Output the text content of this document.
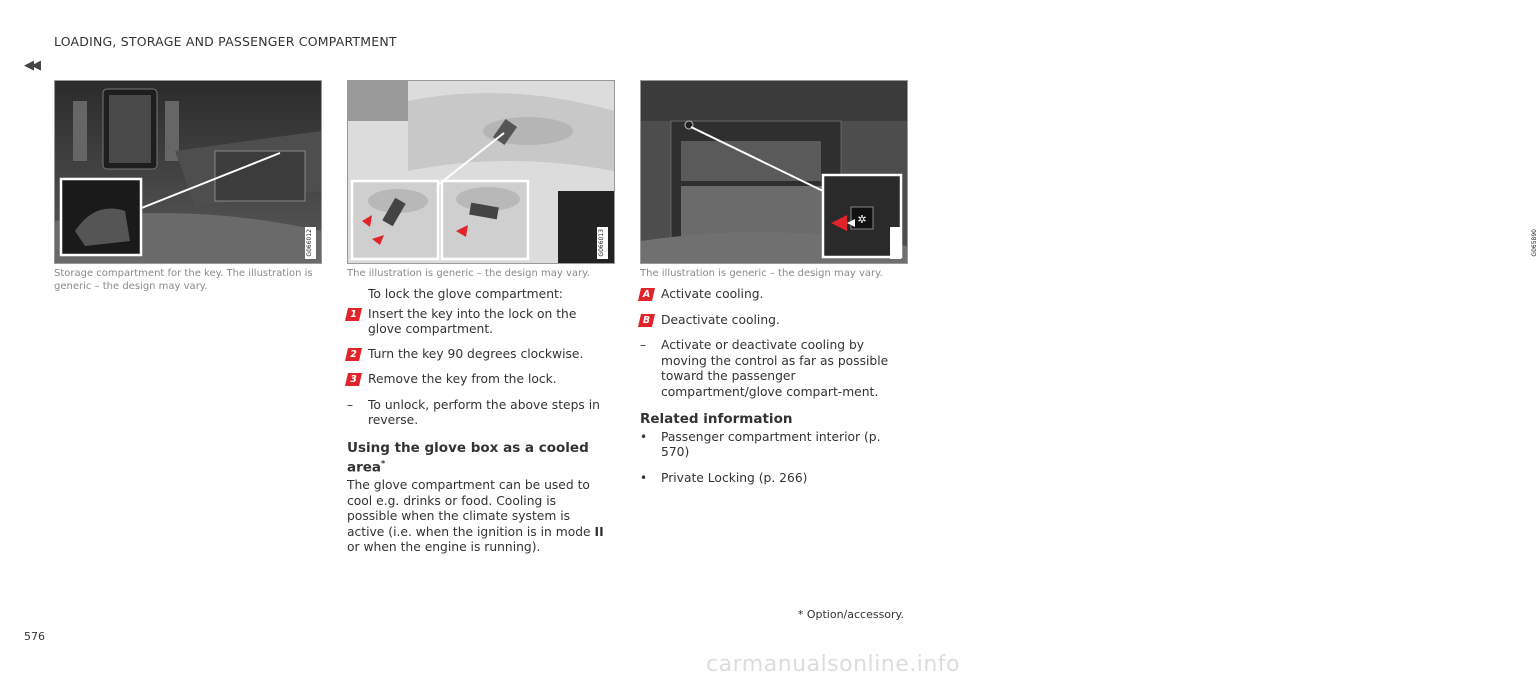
LOADING, STORAGE AND PASSENGER COMPARTMENT
◀◀
G066012
Storage compartment for the key. The illustration is generic – the design may vary.
G066013
The illustration is generic – the design may vary.
✲
G065890
The illustration is generic – the design may vary.
To lock the glove compartment:
1 Insert the key into the lock on the glove compartment.
2 Turn the key 90 degrees clockwise.
3 Remove the key from the lock.
–	To unlock, perform the above steps in reverse.
Using the glove box as a cooled area*
The glove compartment can be used to cool e.g. drinks or food. Cooling is possible when the climate system is active (i.e. when the ignition is in mode II or when the engine is running).
A Activate cooling.
B Deactivate cooling.
–	Activate or deactivate cooling by moving the control as far as possible toward the passenger compartment/glove compart-ment.
Related information
•	Passenger compartment interior (p. 570)
•	Private Locking (p. 266)
* Option/accessory.
576
carmanualsonline.info
